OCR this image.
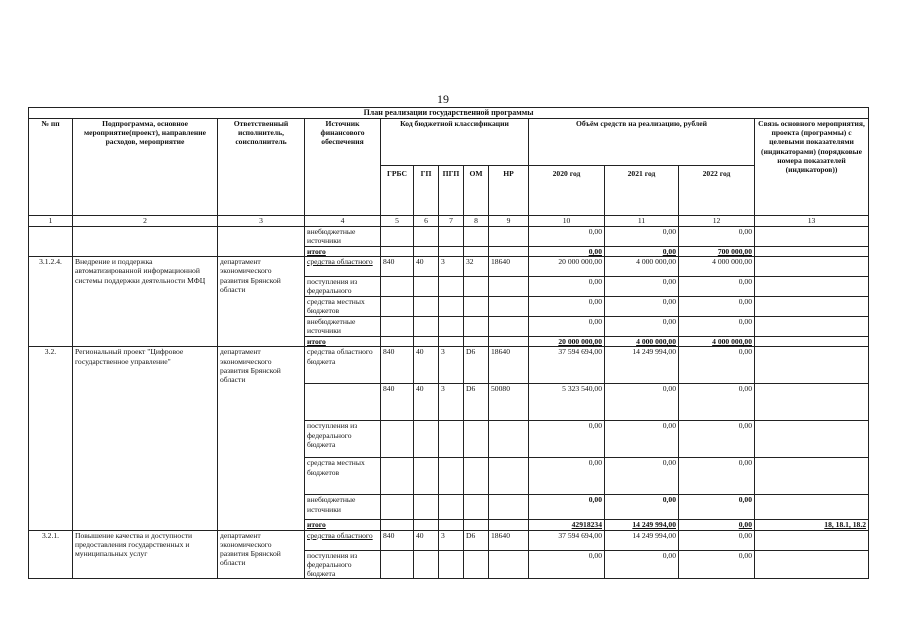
19
План реализации государственной программы												
№ пп	Подпрограмма, основное мероприятие(проект), направление расходов, мероприятие	Ответственный исполнитель, соисполнитель	Источник финансового обеспечения	Код бюджетной классификации					Объём средств на реализацию, рублей			Связь основного мероприятия, проекта (программы) с целевыми показателями (индикаторами) (порядковые номера показателей (индикаторов))
				ГРБС	ГП	ПГП	ОМ	НР	2020 год	2021 год	2022 год	
1	2	3	4	5	6	7	8	9	10	11	12	13
			внебюджетные источники						0,00	0,00	0,00	
			итого						0,00	0,00	700 000,00	
3.1.2.4.	Внедрение и поддержка автоматизированной информационной системы поддержки деятельности МФЦ	департамент экономического развития Брянской области	средства областного	840	40	3	32	18640	20 000 000,00	4 000 000,00	4 000 000,00	
			поступления из федерального						0,00	0,00	0,00	
			средства местных бюджетов						0,00	0,00	0,00	
			внебюджетные источники						0,00	0,00	0,00	
			итого						20 000 000,00	4 000 000,00	4 000 000,00	
3.2.	Региональный проект "Цифровое государственное управление"	департамент экономического развития Брянской области	средства областного бюджета	840	40	3	D6	18640	37 594 694,00	14 249 994,00	0,00	
				840	40	3	D6	50080	5 323 540,00	0,00	0,00	
			поступления из федерального бюджета						0,00	0,00	0,00	
			средства местных бюджетов						0,00	0,00	0,00	
			внебюджетные источники						0,00	0,00	0,00	
			итого						42918234	14 249 994,00	0,00	18, 18.1, 18.2
3.2.1.	Повышение качества и доступности предоставления государственных и муниципальных услуг	департамент экономического развития Брянской области	средства областного	840	40	3	D6	18640	37 594 694,00	14 249 994,00	0,00	
			поступления из федерального бюджета						0,00	0,00	0,00	
